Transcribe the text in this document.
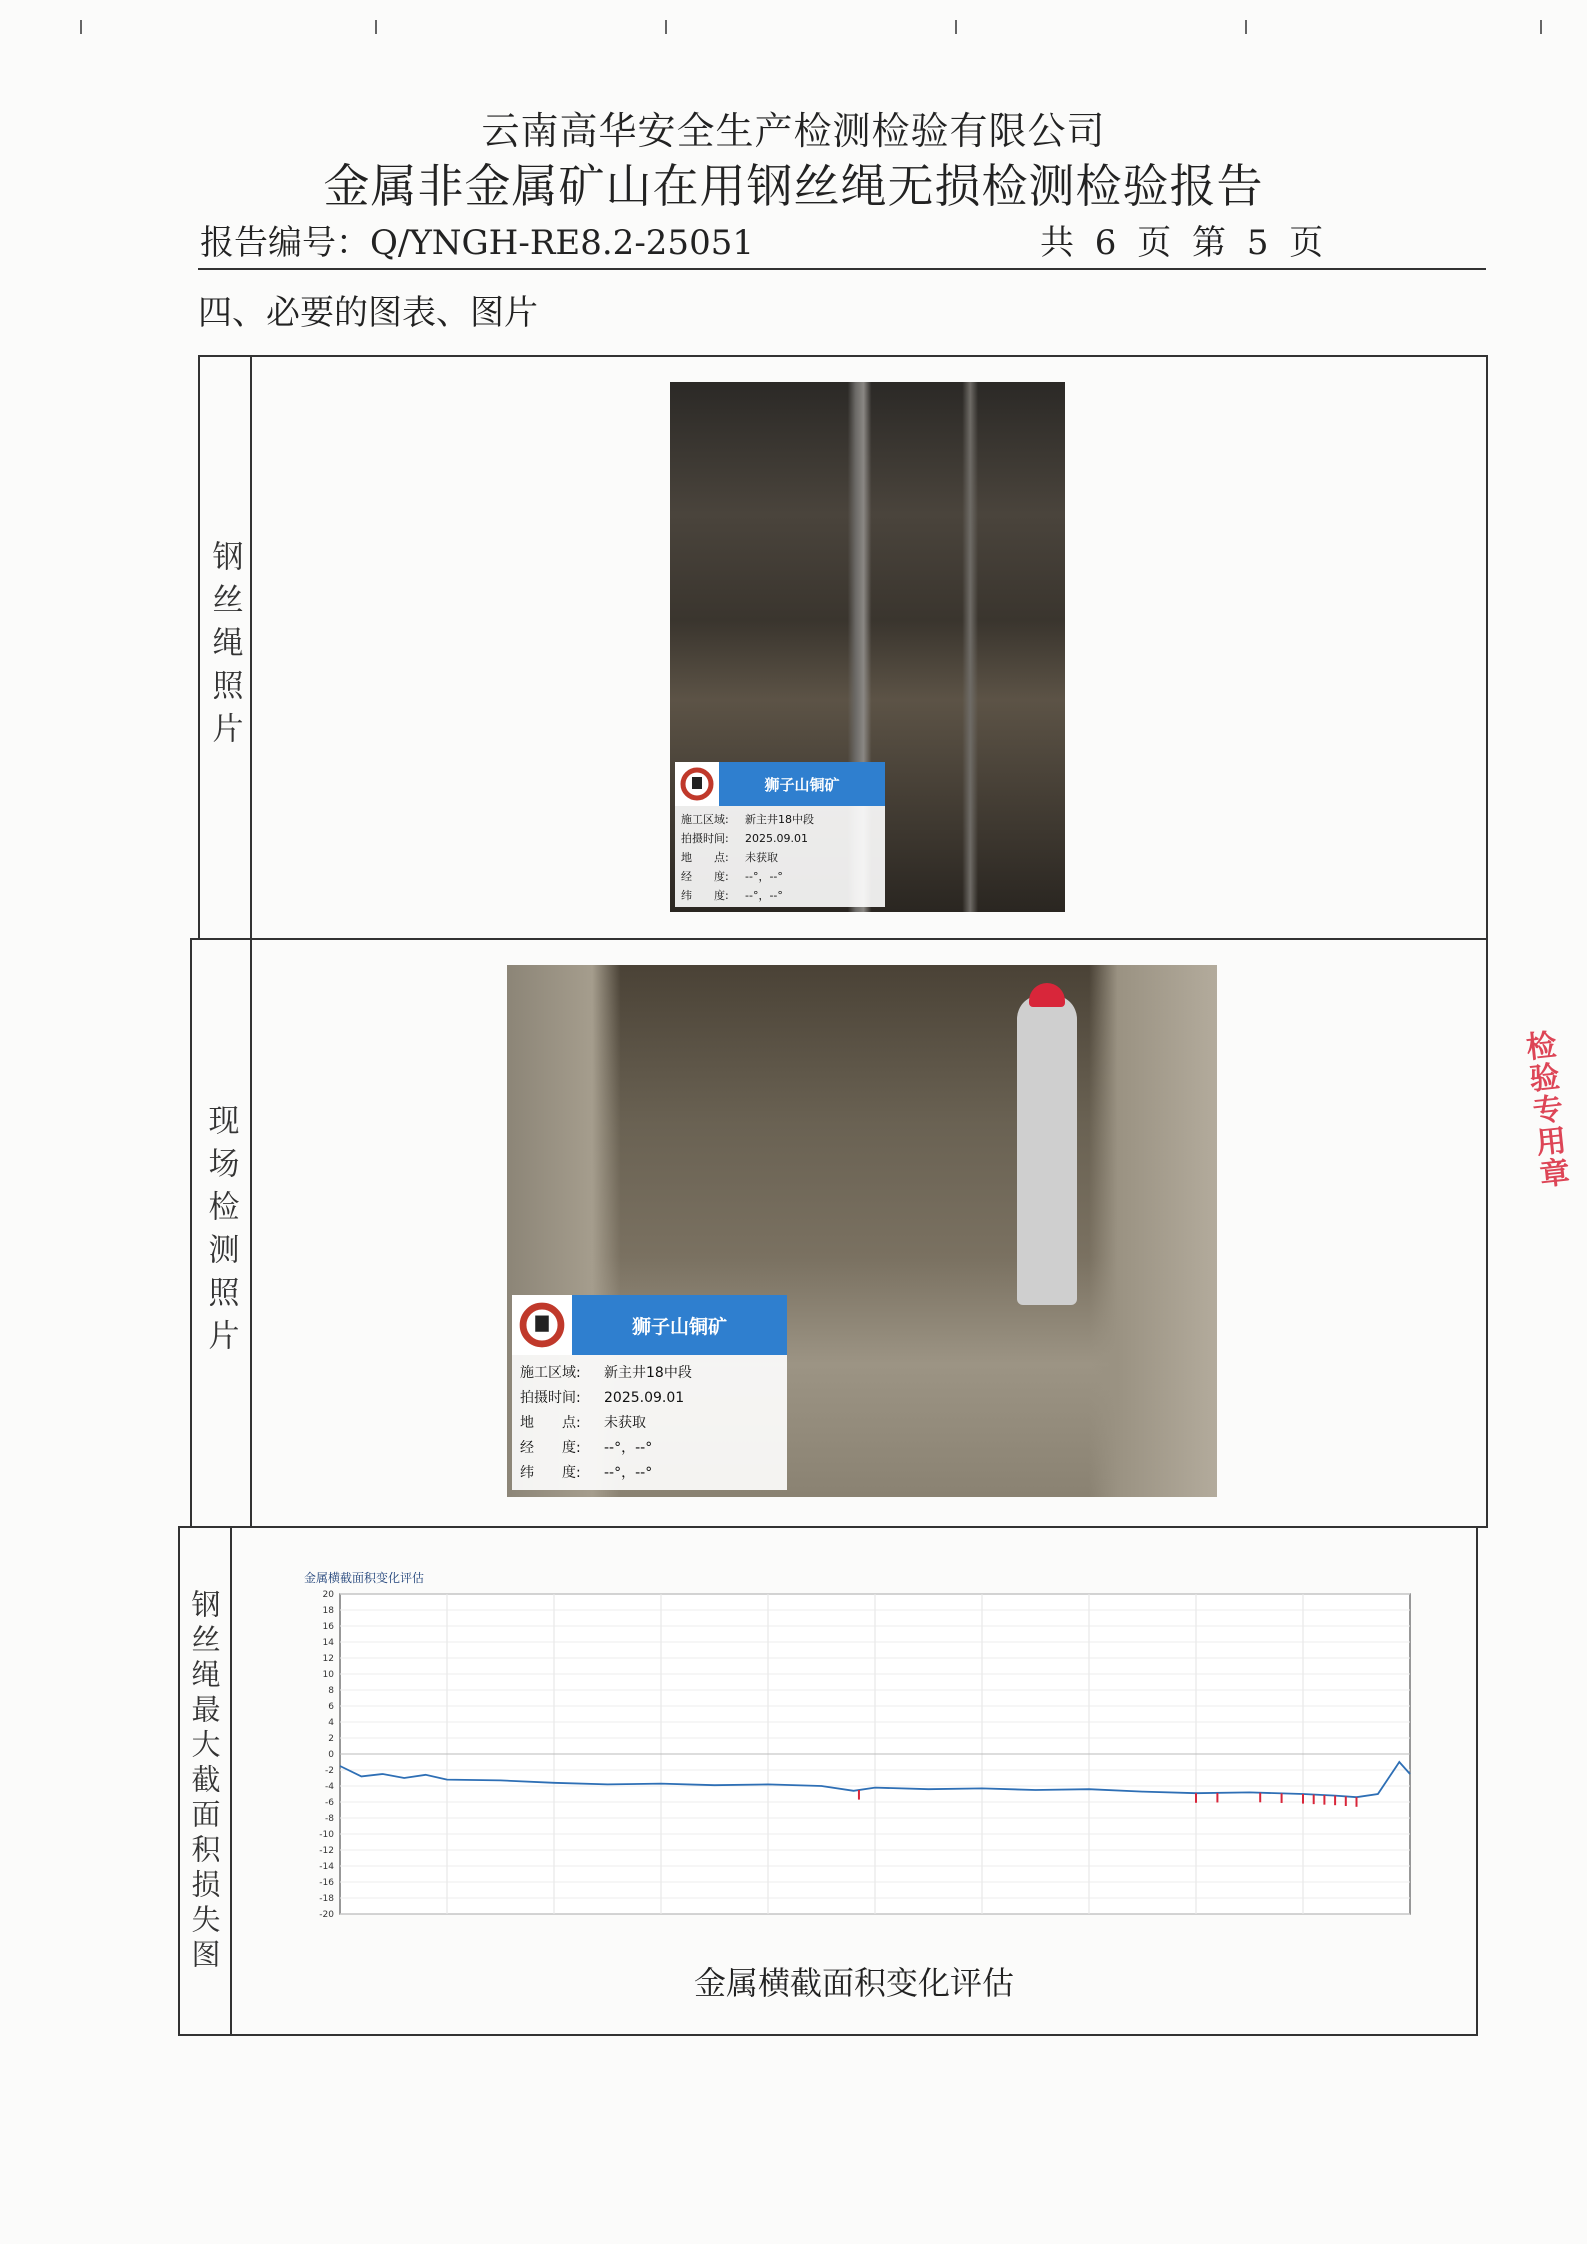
云南高华安全生产检测检验有限公司
金属非金属矿山在用钢丝绳无损检测检验报告
报告编号：Q/YNGH-RE8.2-25051	共 6 页 第 5 页
四、必要的图表、图片
钢丝绳照片
狮子山铜矿
施工区域:	新主井18中段
拍摄时间:	2025.09.01
地　　点:	未获取
经　　度:	--°，--°
纬　　度:	--°，--°
现场检测照片	狮子山铜矿
施工区域:	新主井18中段
拍摄时间:	2025.09.01
地　　点:	未获取
经　　度:	--°，--°
纬　　度:	--°，--°
钢丝绳最大截面积损失图
金属横截面积变化评估
20
18
16
14
12
10
8
6
4
2
0
-2
-4
-6
-8
-10
-12
-14
-16
-18
-20
金属横截面积变化评估
检验专用章
